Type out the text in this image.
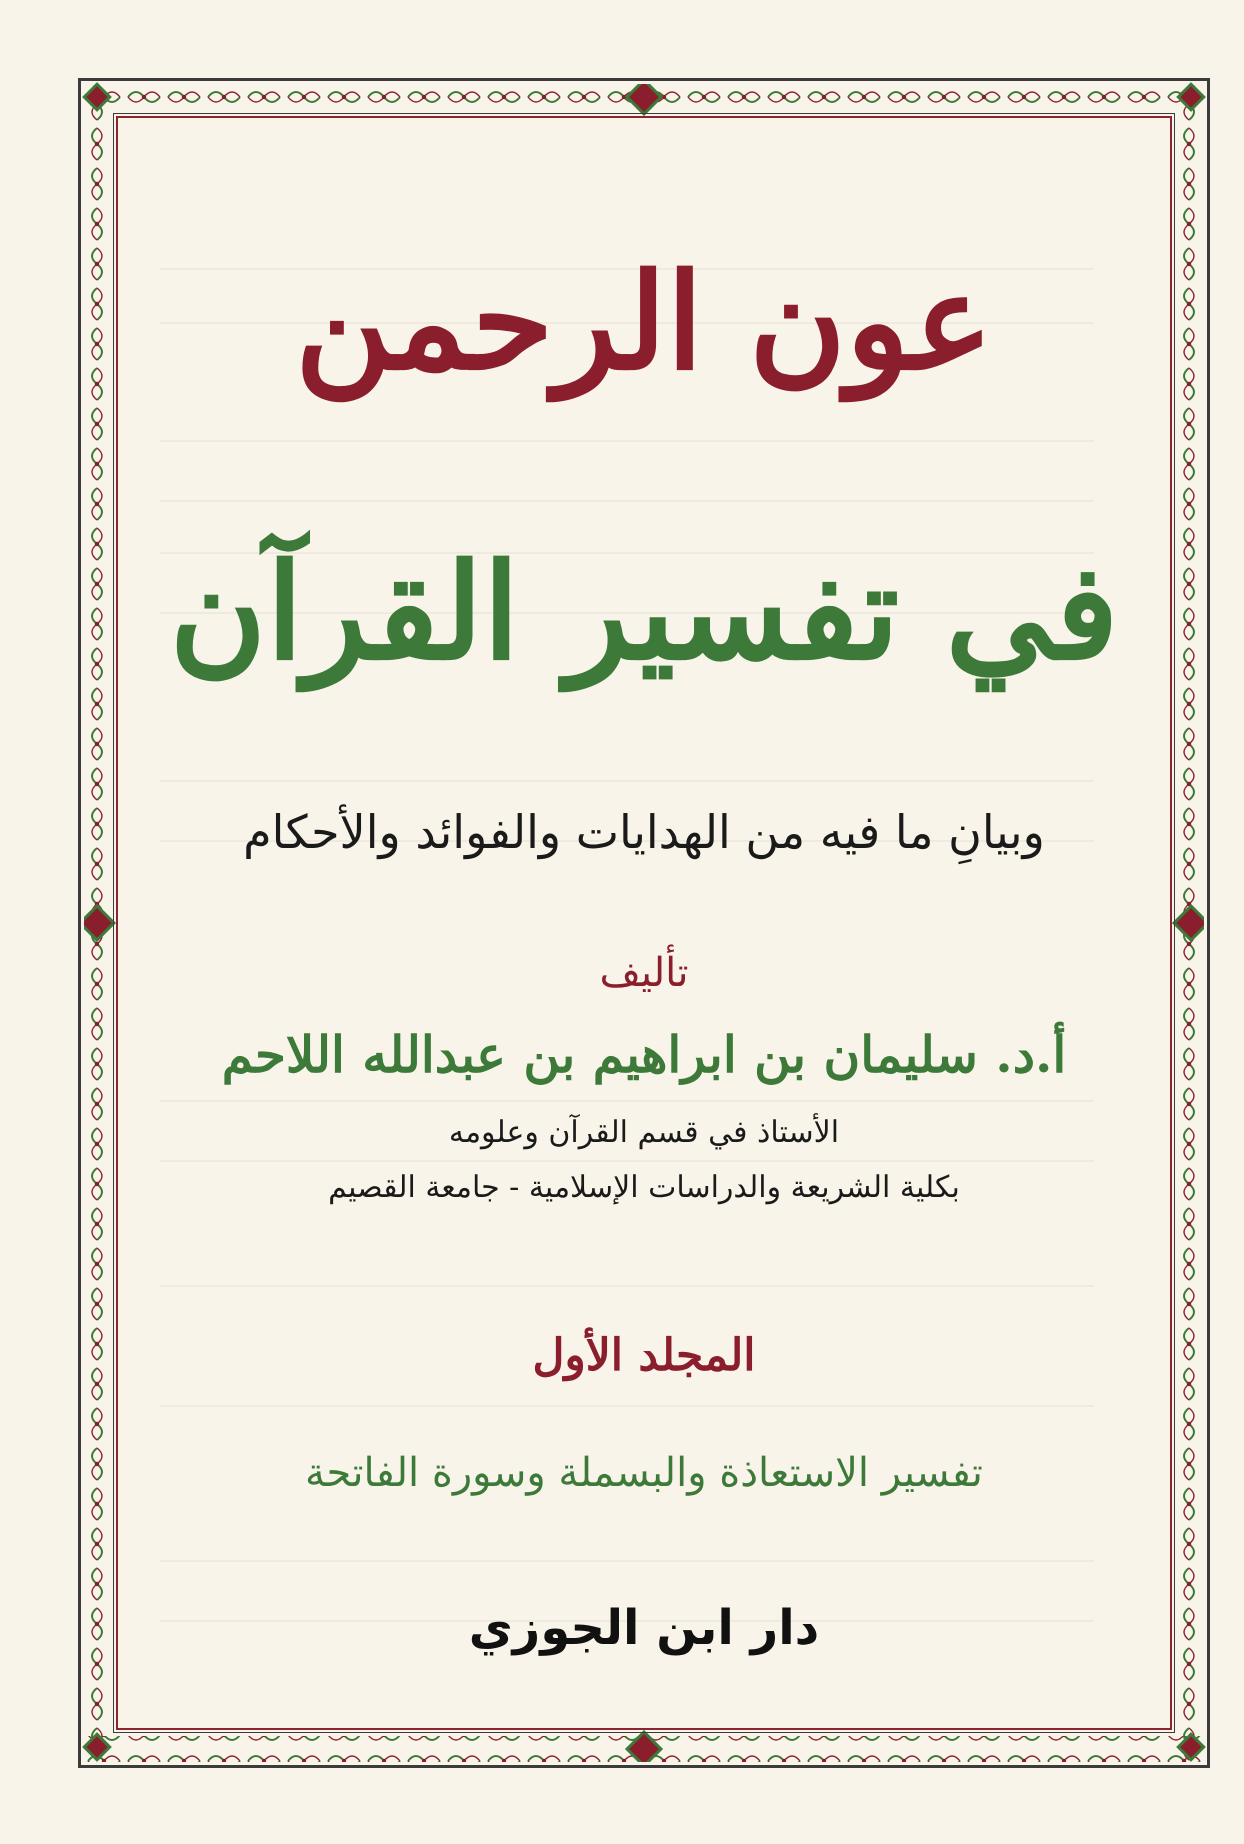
عون الرحمن
في تفسير القرآن
وبيانِ ما فيه من الهدايات والفوائد والأحكام
تأليف
أ.د. سليمان بن ابراهيم بن عبدالله اللاحم
الأستاذ في قسم القرآن وعلومه
بكلية الشريعة والدراسات الإسلامية - جامعة القصيم
المجلد الأول
تفسير الاستعاذة والبسملة وسورة الفاتحة
دار ابن الجوزي
